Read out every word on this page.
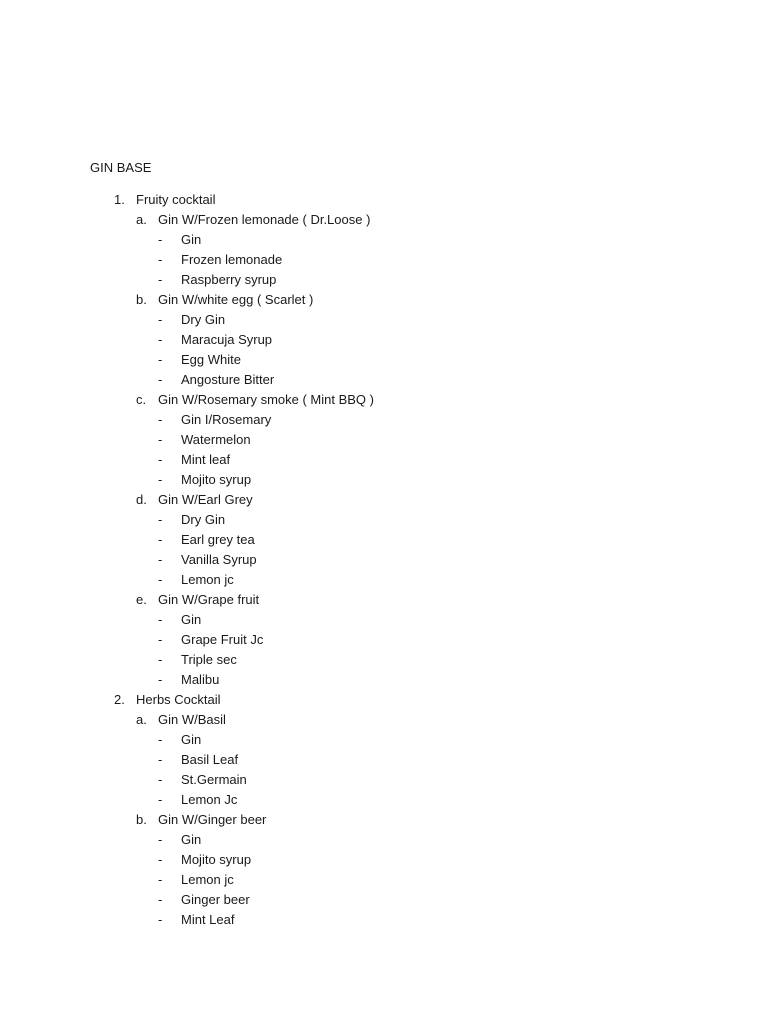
GIN BASE
1. Fruity cocktail
a. Gin W/Frozen lemonade ( Dr.Loose )
- Gin
- Frozen lemonade
- Raspberry syrup
b. Gin W/white egg ( Scarlet )
- Dry Gin
- Maracuja Syrup
- Egg White
- Angosture Bitter
c. Gin W/Rosemary smoke ( Mint BBQ )
- Gin I/Rosemary
- Watermelon
- Mint leaf
- Mojito syrup
d. Gin W/Earl Grey
- Dry Gin
- Earl grey tea
- Vanilla Syrup
- Lemon jc
e. Gin W/Grape fruit
- Gin
- Grape Fruit Jc
- Triple sec
- Malibu
2. Herbs Cocktail
a. Gin W/Basil
- Gin
- Basil Leaf
- St.Germain
- Lemon Jc
b. Gin W/Ginger beer
- Gin
- Mojito syrup
- Lemon jc
- Ginger beer
- Mint Leaf
